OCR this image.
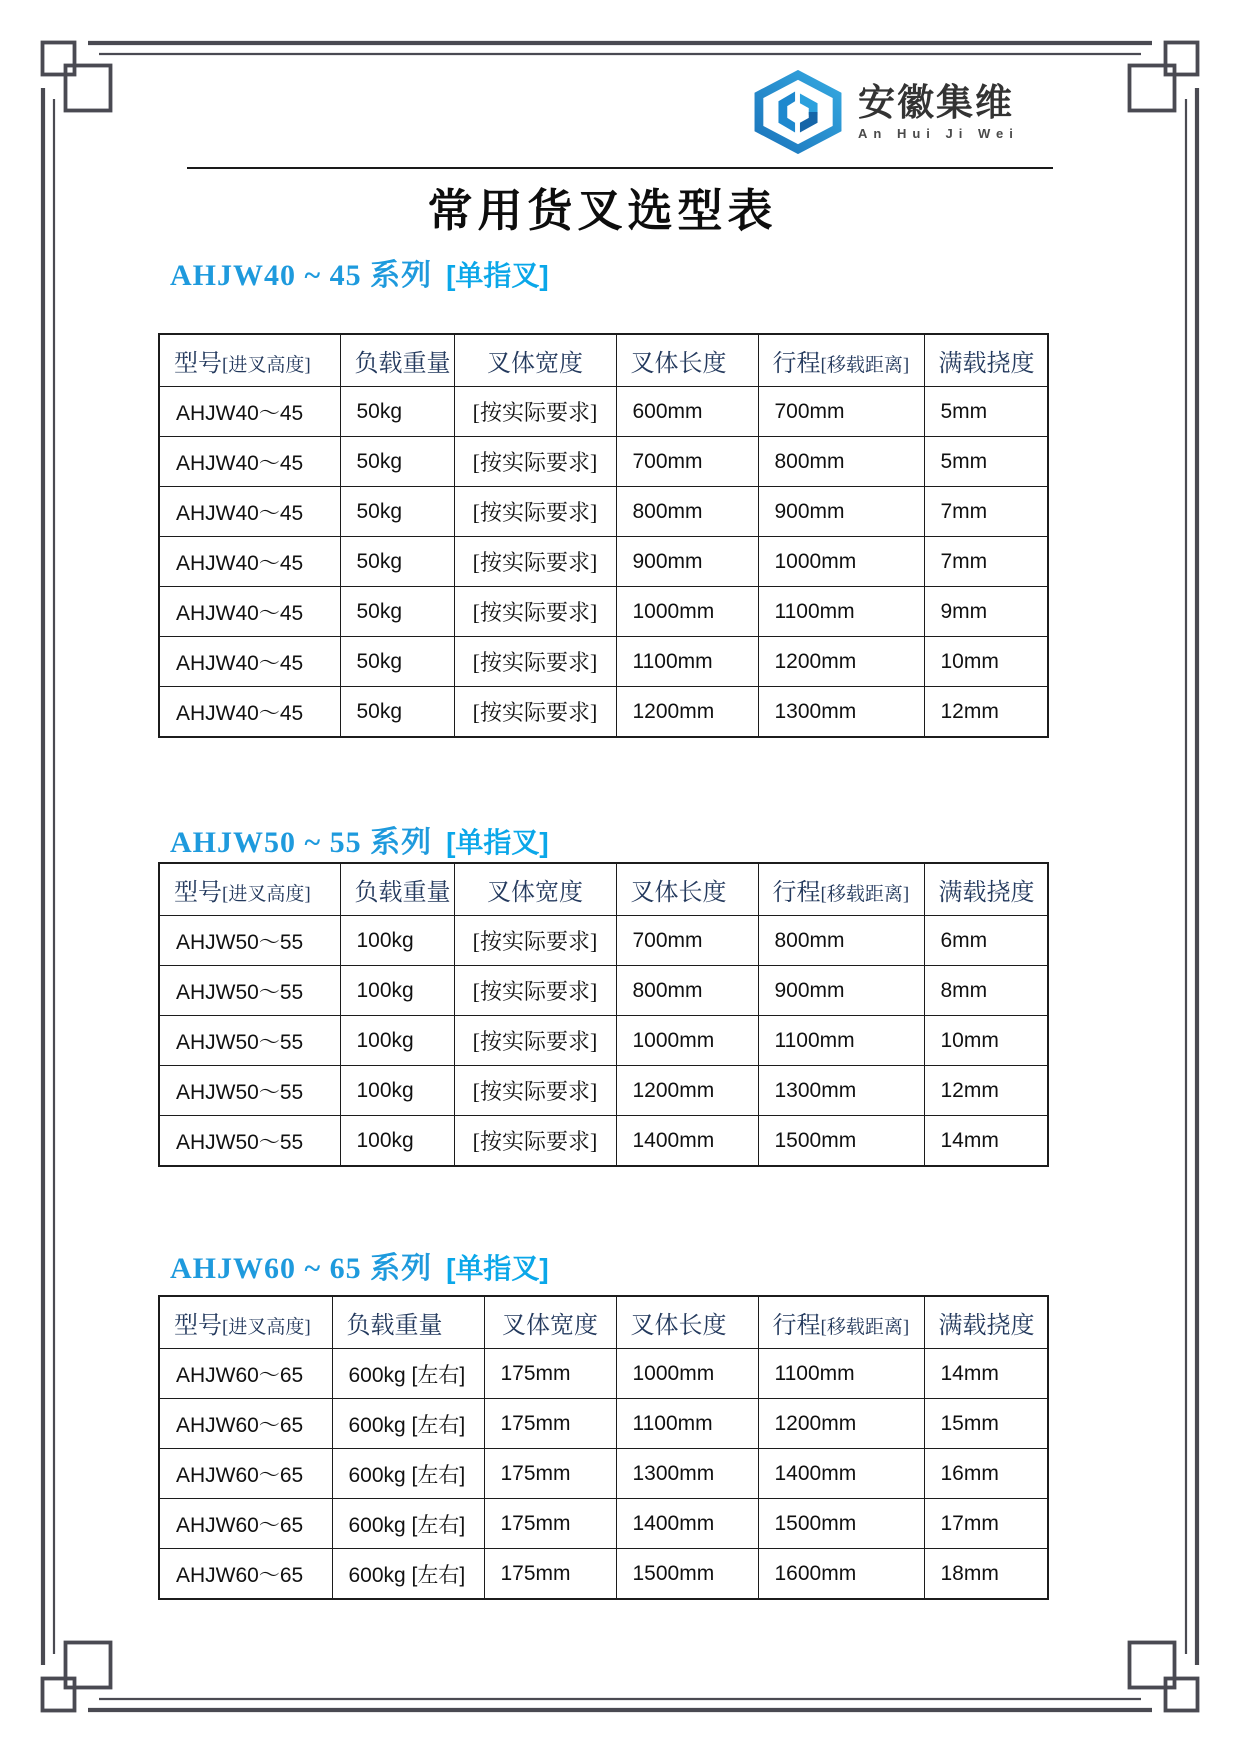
安徽集维
An Hui Ji Wei
常用货叉选型表
AHJW40 ~ 45 系列 [单指叉]
型号[进叉高度]	负载重量	叉体宽度	叉体长度	行程[移载距离]	满载挠度
AHJW40～45	50kg	[按实际要求]	600mm	700mm	5mm
AHJW40～45	50kg	[按实际要求]	700mm	800mm	5mm
AHJW40～45	50kg	[按实际要求]	800mm	900mm	7mm
AHJW40～45	50kg	[按实际要求]	900mm	1000mm	7mm
AHJW40～45	50kg	[按实际要求]	1000mm	1100mm	9mm
AHJW40～45	50kg	[按实际要求]	1100mm	1200mm	10mm
AHJW40～45	50kg	[按实际要求]	1200mm	1300mm	12mm
AHJW50 ~ 55 系列 [单指叉]
型号[进叉高度]	负载重量	叉体宽度	叉体长度	行程[移载距离]	满载挠度
AHJW50～55	100kg	[按实际要求]	700mm	800mm	6mm
AHJW50～55	100kg	[按实际要求]	800mm	900mm	8mm
AHJW50～55	100kg	[按实际要求]	1000mm	1100mm	10mm
AHJW50～55	100kg	[按实际要求]	1200mm	1300mm	12mm
AHJW50～55	100kg	[按实际要求]	1400mm	1500mm	14mm
AHJW60 ~ 65 系列 [单指叉]
型号[进叉高度]	负载重量	叉体宽度	叉体长度	行程[移载距离]	满载挠度
AHJW60～65	600kg [左右]	175mm	1000mm	1100mm	14mm
AHJW60～65	600kg [左右]	175mm	1100mm	1200mm	15mm
AHJW60～65	600kg [左右]	175mm	1300mm	1400mm	16mm
AHJW60～65	600kg [左右]	175mm	1400mm	1500mm	17mm
AHJW60～65	600kg [左右]	175mm	1500mm	1600mm	18mm
